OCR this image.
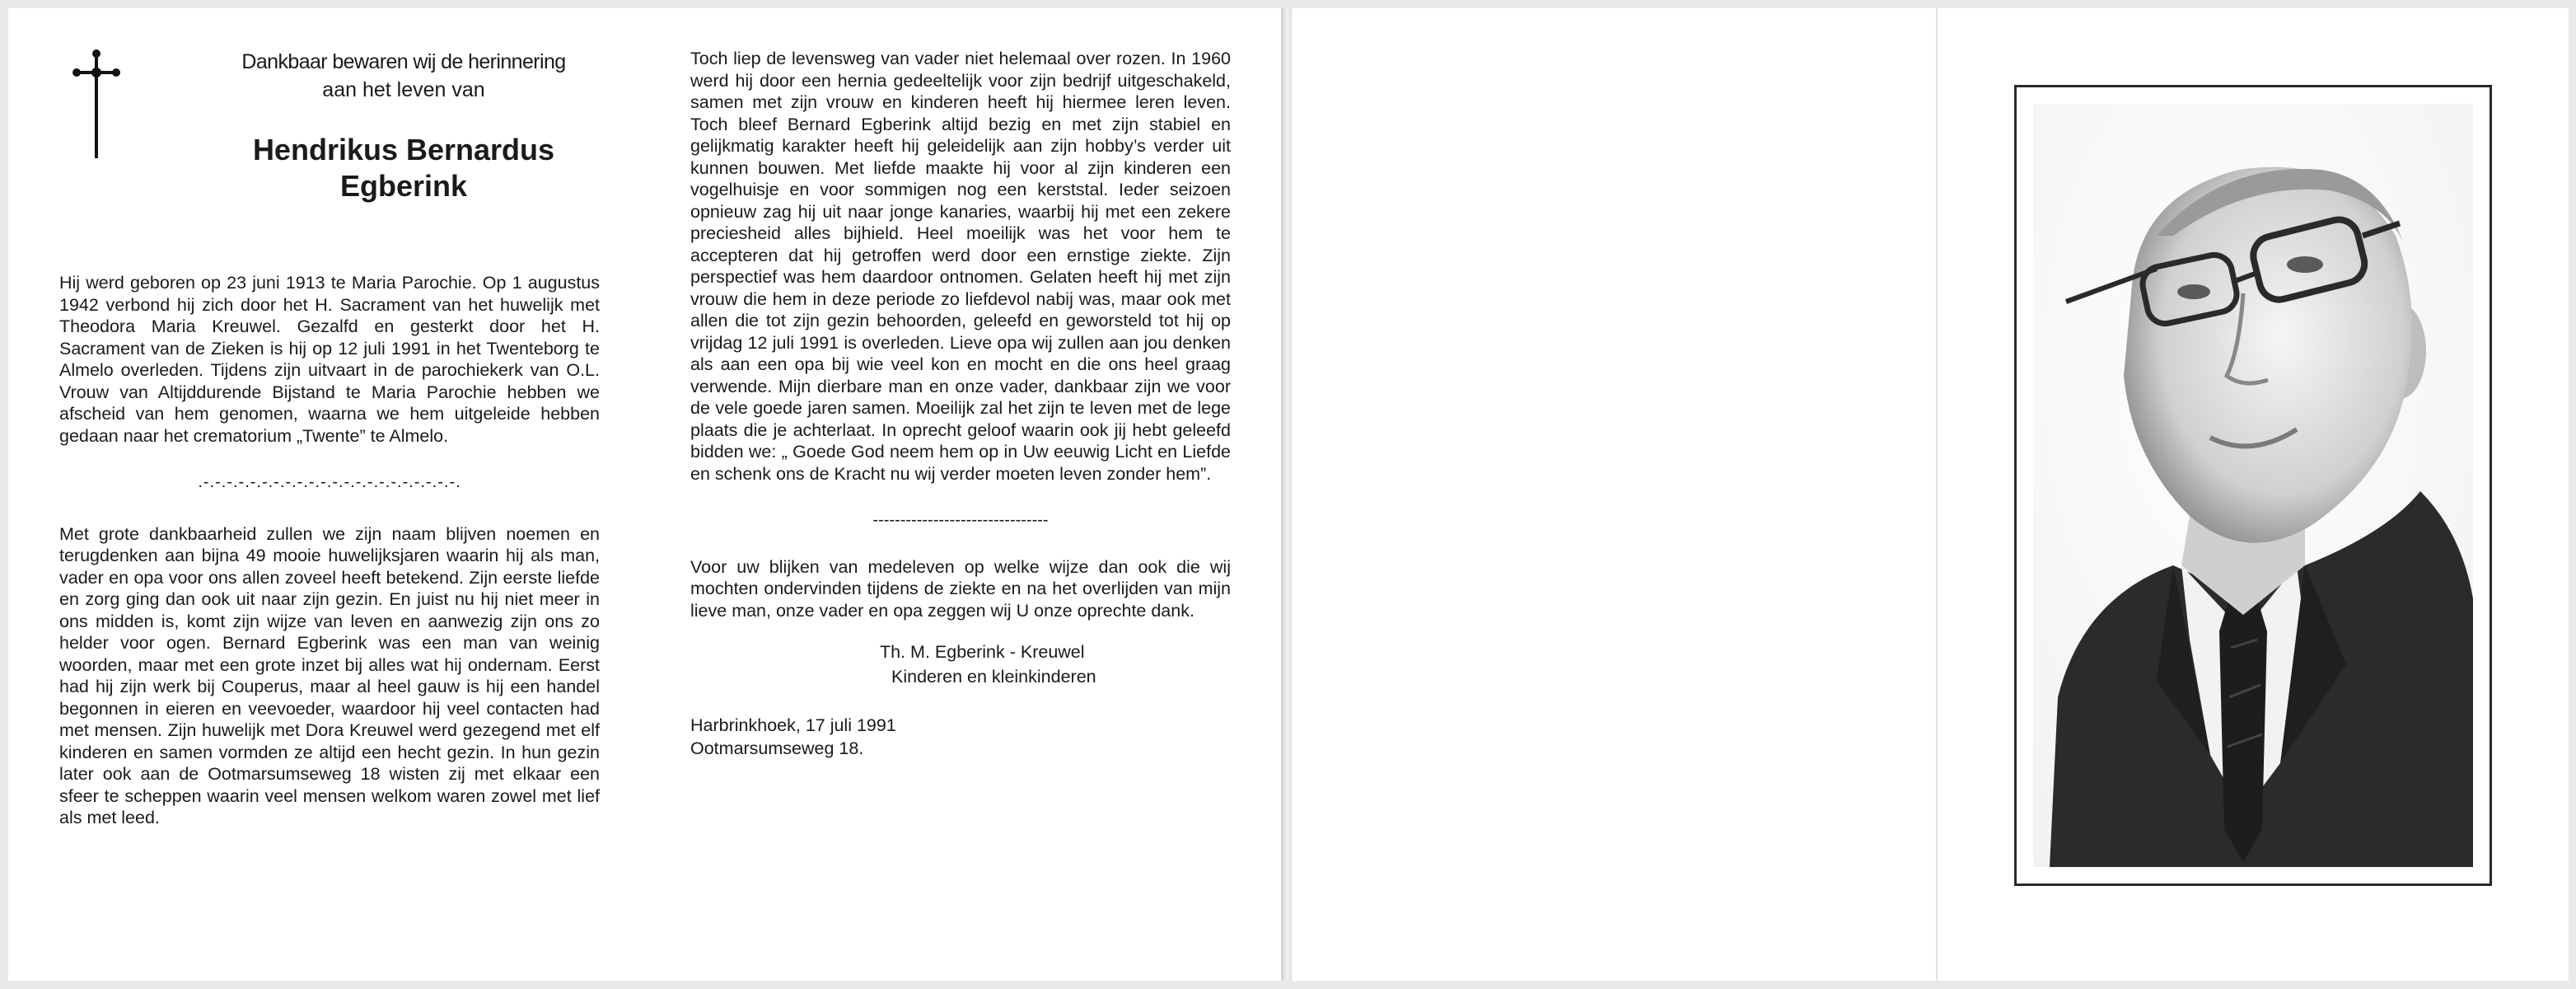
Dankbaar bewaren wij de herinnering
aan het leven van
Hendrikus Bernardus
Egberink

Hij werd geboren op 23 juni 1913 te Maria Parochie. Op 1 augustus 1942 verbond hij zich door het H. Sacrament van het huwelijk met Theodora Maria Kreuwel. Gezalfd en gesterkt door het H. Sacrament van de Zieken is hij op 12 juli 1991 in het Twenteborg te Almelo overleden. Tijdens zijn uitvaart in de parochiekerk van O.L. Vrouw van Altijddurende Bijstand te Maria Parochie hebben we afscheid van hem genomen, waarna we hem uitgeleide hebben gedaan naar het crematorium „Twente” te Almelo.

.-.-.-.-.-.-.-.-.-.-.-.-.-.-.-.-.-.-.-.-.-.-.

Met grote dankbaarheid zullen we zijn naam blijven noemen en terugdenken aan bijna 49 mooie huwelijksjaren waarin hij als man, vader en opa voor ons allen zoveel heeft betekend. Zijn eerste liefde en zorg ging dan ook uit naar zijn gezin. En juist nu hij niet meer in ons midden is, komt zijn wijze van leven en aanwezig zijn ons zo helder voor ogen. Bernard Egberink was een man van weinig woorden, maar met een grote inzet bij alles wat hij ondernam. Eerst had hij zijn werk bij Couperus, maar al heel gauw is hij een handel begonnen in eieren en veevoeder, waardoor hij veel contacten had met mensen. Zijn huwelijk met Dora Kreuwel werd gezegend met elf kinderen en samen vormden ze altijd een hecht gezin. In hun gezin later ook aan de Ootmarsumseweg 18 wisten zij met elkaar een sfeer te scheppen waarin veel mensen welkom waren zowel met lief als met leed.

Toch liep de levensweg van vader niet helemaal over rozen. In 1960 werd hij door een hernia gedeeltelijk voor zijn bedrijf uitgeschakeld, samen met zijn vrouw en kinderen heeft hij hiermee leren leven. Toch bleef Bernard Egberink altijd bezig en met zijn stabiel en gelijkmatig karakter heeft hij geleidelijk aan zijn hobby’s verder uit kunnen bouwen. Met liefde maakte hij voor al zijn kinderen een vogelhuisje en voor sommigen nog een kerststal. Ieder seizoen opnieuw zag hij uit naar jonge kanaries, waarbij hij met een zekere preciesheid alles bijhield. Heel moeilijk was het voor hem te accepteren dat hij getroffen werd door een ernstige ziekte. Zijn perspectief was hem daardoor ontnomen. Gelaten heeft hij met zijn vrouw die hem in deze periode zo liefdevol nabij was, maar ook met allen die tot zijn gezin behoorden, geleefd en geworsteld tot hij op vrijdag 12 juli 1991 is overleden. Lieve opa wij zullen aan jou denken als aan een opa bij wie veel kon en mocht en die ons heel graag verwende. Mijn dierbare man en onze vader, dankbaar zijn we voor de vele goede jaren samen. Moeilijk zal het zijn te leven met de lege plaats die je achterlaat. In oprecht geloof waarin ook jij hebt geleefd bidden we: „ Goede God neem hem op in Uw eeuwig Licht en Liefde en schenk ons de Kracht nu wij verder moeten leven zonder hem”.

--------------------------------

Voor uw blijken van medeleven op welke wijze dan ook die wij mochten ondervinden tijdens de ziekte en na het overlijden van mijn lieve man, onze vader en opa zeggen wij U onze oprechte dank.

Th. M. Egberink - Kreuwel
Kinderen en kleinkinderen
Harbrinkhoek, 17 juli 1991
Ootmarsumseweg 18.
